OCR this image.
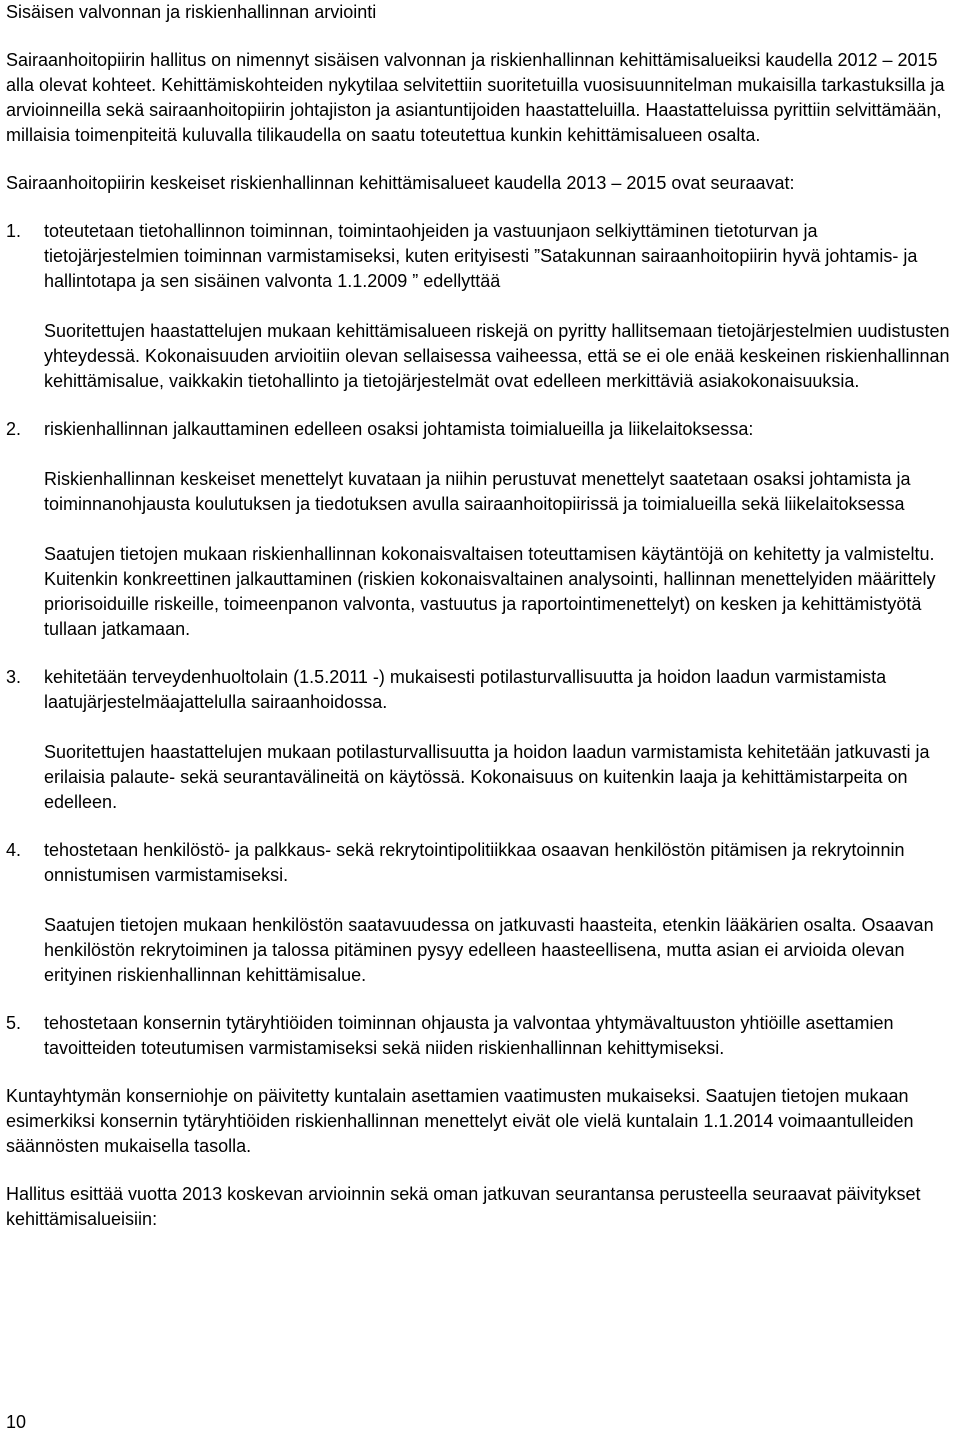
Sisäisen valvonnan ja riskienhallinnan arviointi

Sairaanhoitopiirin hallitus on nimennyt sisäisen valvonnan ja riskienhallinnan kehittämisalueiksi kaudella 2012 – 2015 alla olevat kohteet. Kehittämiskohteiden nykytilaa selvitettiin suoritetuilla vuosisuunnitelman mukaisilla tarkastuksilla ja arvioinneilla sekä sairaanhoitopiirin johtajiston ja asiantuntijoiden haastatteluilla. Haastatteluissa pyrittiin selvittämään, millaisia toimenpiteitä kuluvalla tilikaudella on saatu toteutettua kunkin kehittämisalueen osalta.

Sairaanhoitopiirin keskeiset riskienhallinnan kehittämisalueet kaudella 2013 – 2015 ovat seuraavat:

1. toteutetaan tietohallinnon toiminnan, toimintaohjeiden ja vastuunjaon selkiyttäminen tietoturvan ja tietojärjestelmien toiminnan varmistamiseksi, kuten erityisesti ”Satakunnan sairaanhoitopiirin hyvä johtamis- ja hallintotapa ja sen sisäinen valvonta 1.1.2009 ” edellyttää

Suoritettujen haastattelujen mukaan kehittämisalueen riskejä on pyritty hallitsemaan tietojärjestelmien uudistusten yhteydessä. Kokonaisuuden arvioitiin olevan sellaisessa vaiheessa, että se ei ole enää keskeinen riskienhallinnan kehittämisalue, vaikkakin tietohallinto ja tietojärjestelmät ovat edelleen merkittäviä asiakokonaisuuksia.

2. riskienhallinnan jalkauttaminen edelleen osaksi johtamista toimialueilla ja liikelaitoksessa:

Riskienhallinnan keskeiset menettelyt kuvataan ja niihin perustuvat menettelyt saatetaan osaksi johtamista ja toiminnanohjausta koulutuksen ja tiedotuksen avulla sairaanhoitopiirissä ja toimialueilla sekä liikelaitoksessa

Saatujen tietojen mukaan riskienhallinnan kokonaisvaltaisen toteuttamisen käytäntöjä on kehitetty ja valmisteltu. Kuitenkin konkreettinen jalkauttaminen (riskien kokonaisvaltainen analysointi, hallinnan menettelyiden määrittely priorisoiduille riskeille, toimeenpanon valvonta, vastuutus ja raportointimenettelyt) on kesken ja kehittämistyötä tullaan jatkamaan.

3. kehitetään terveydenhuoltolain (1.5.2011 -) mukaisesti potilasturvallisuutta ja hoidon laadun varmistamista laatujärjestelmäajattelulla sairaanhoidossa.

Suoritettujen haastattelujen mukaan potilasturvallisuutta ja hoidon laadun varmistamista kehitetään jatkuvasti ja erilaisia palaute- sekä seurantavälineitä on käytössä. Kokonaisuus on kuitenkin laaja ja kehittämistarpeita on edelleen.

4. tehostetaan henkilöstö- ja palkkaus- sekä rekrytointipolitiikkaa osaavan henkilöstön pitämisen ja rekrytoinnin onnistumisen varmistamiseksi.

Saatujen tietojen mukaan henkilöstön saatavuudessa on jatkuvasti haasteita, etenkin lääkärien osalta. Osaavan henkilöstön rekrytoiminen ja talossa pitäminen pysyy edelleen haasteellisena, mutta asian ei arvioida olevan erityinen riskienhallinnan kehittämisalue.

5. tehostetaan konsernin tytäryhtiöiden toiminnan ohjausta ja valvontaa yhtymävaltuuston yhtiöille asettamien tavoitteiden toteutumisen varmistamiseksi sekä niiden riskienhallinnan kehittymiseksi.

Kuntayhtymän konserniohje on päivitetty kuntalain asettamien vaatimusten mukaiseksi. Saatujen tietojen mukaan esimerkiksi konsernin tytäryhtiöiden riskienhallinnan menettelyt eivät ole vielä kuntalain 1.1.2014 voimaantulleiden säännösten mukaisella tasolla.

Hallitus esittää vuotta 2013 koskevan arvioinnin sekä oman jatkuvan seurantansa perusteella seuraavat päivitykset kehittämisalueisiin:

10
